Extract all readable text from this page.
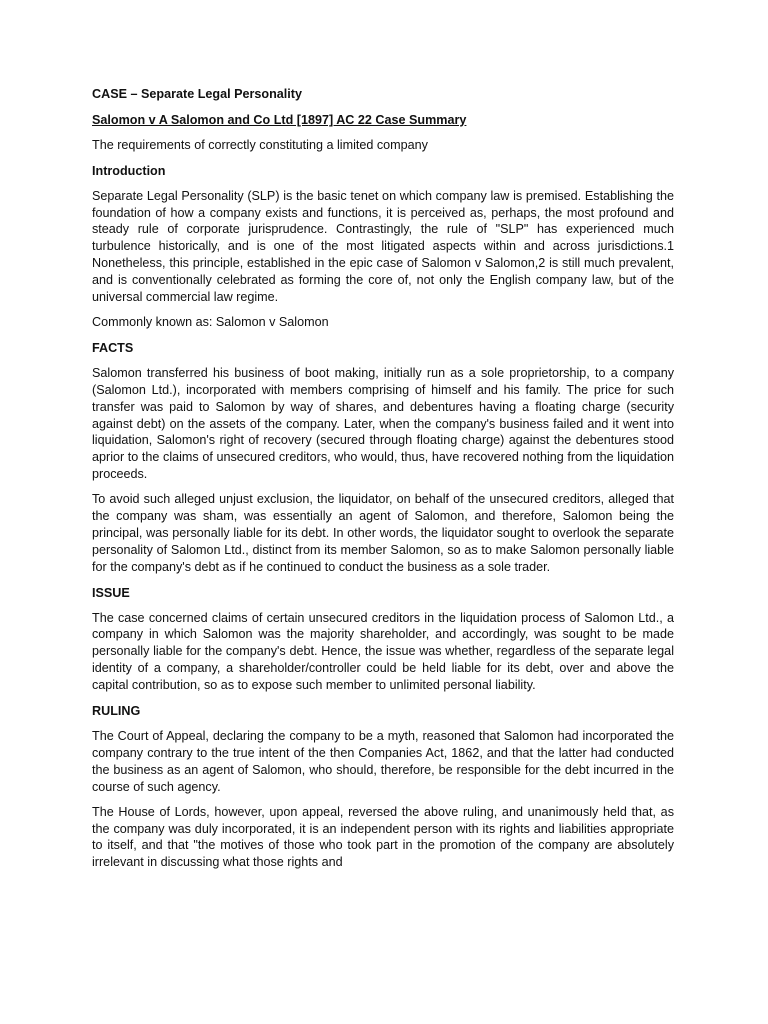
CASE – Separate Legal Personality

Salomon v A Salomon and Co Ltd [1897] AC 22 Case Summary

The requirements of correctly constituting a limited company

Introduction

Separate Legal Personality (SLP) is the basic tenet on which company law is premised. Establishing the foundation of how a company exists and functions, it is perceived as, perhaps, the most profound and steady rule of corporate jurisprudence. Contrastingly, the rule of "SLP" has experienced much turbulence historically, and is one of the most litigated aspects within and across jurisdictions.1 Nonetheless, this principle, established in the epic case of Salomon v Salomon,2 is still much prevalent, and is conventionally celebrated as forming the core of, not only the English company law, but of the universal commercial law regime.

Commonly known as: Salomon v Salomon

FACTS

Salomon transferred his business of boot making, initially run as a sole proprietorship, to a company (Salomon Ltd.), incorporated with members comprising of himself and his family. The price for such transfer was paid to Salomon by way of shares, and debentures having a floating charge (security against debt) on the assets of the company. Later, when the company's business failed and it went into liquidation, Salomon's right of recovery (secured through floating charge) against the debentures stood aprior to the claims of unsecured creditors, who would, thus, have recovered nothing from the liquidation proceeds.

To avoid such alleged unjust exclusion, the liquidator, on behalf of the unsecured creditors, alleged that the company was sham, was essentially an agent of Salomon, and therefore, Salomon being the principal, was personally liable for its debt. In other words, the liquidator sought to overlook the separate personality of Salomon Ltd., distinct from its member Salomon, so as to make Salomon personally liable for the company's debt as if he continued to conduct the business as a sole trader.

ISSUE

The case concerned claims of certain unsecured creditors in the liquidation process of Salomon Ltd., a company in which Salomon was the majority shareholder, and accordingly, was sought to be made personally liable for the company's debt. Hence, the issue was whether, regardless of the separate legal identity of a company, a shareholder/controller could be held liable for its debt, over and above the capital contribution, so as to expose such member to unlimited personal liability.

RULING

The Court of Appeal, declaring the company to be a myth, reasoned that Salomon had incorporated the company contrary to the true intent of the then Companies Act, 1862, and that the latter had conducted the business as an agent of Salomon, who should, therefore, be responsible for the debt incurred in the course of such agency.

The House of Lords, however, upon appeal, reversed the above ruling, and unanimously held that, as the company was duly incorporated, it is an independent person with its rights and liabilities appropriate to itself, and that "the motives of those who took part in the promotion of the company are absolutely irrelevant in discussing what those rights and
